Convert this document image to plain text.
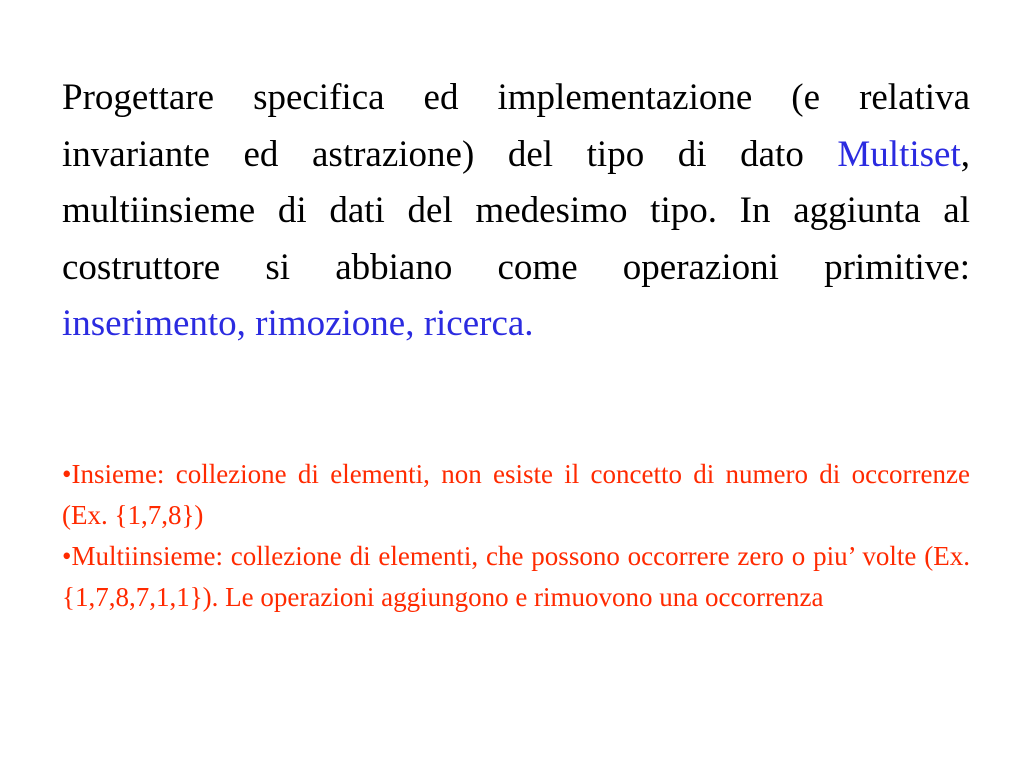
Progettare specifica ed implementazione (e relativa invariante ed astrazione) del tipo di dato Multiset, multiinsieme di dati del medesimo tipo. In aggiunta al costruttore si abbiano come operazioni primitive: inserimento, rimozione, ricerca.

•Insieme: collezione di elementi, non esiste il concetto di numero di occorrenze (Ex. {1,7,8})
•Multiinsieme: collezione di elementi, che possono occorrere zero o piu’ volte (Ex. {1,7,8,7,1,1}). Le operazioni aggiungono e rimuovono una occorrenza
